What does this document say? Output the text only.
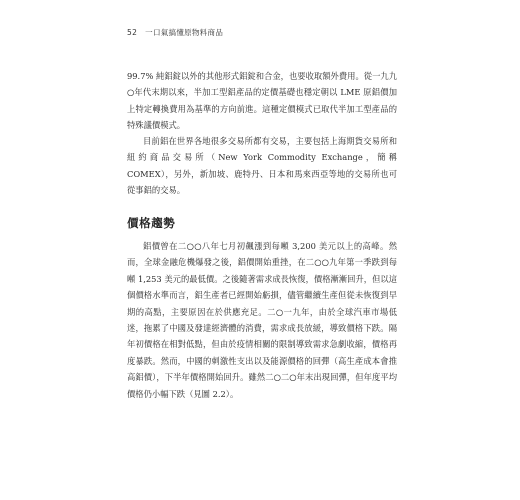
52 一口氣搞懂原物料商品

99.7% 純鋁錠以外的其他形式鋁錠和合金，也要收取額外費用。從一九九○年代末期以來，半加工型鋁產品的定價基礎也穩定朝以 LME 原鋁價加上特定轉換費用為基準的方向前進。這種定價模式已取代半加工型產品的特殊議價模式。

目前鋁在世界各地很多交易所都有交易，主要包括上海期貨交易所和紐約商品交易所（New York Commodity Exchange，簡稱 COMEX），另外，新加坡、鹿特丹、日本和馬來西亞等地的交易所也可從事鋁的交易。

價格趨勢

鋁價曾在二○○八年七月初飆漲到每噸 3,200 美元以上的高峰。然而，全球金融危機爆發之後，鋁價開始重挫，在二○○九年第一季跌到每噸 1,253 美元的最低價。之後隨著需求成長恢復，價格漸漸回升，但以這個價格水準而言，鋁生產者已經開始虧損，儘管繼續生產但從未恢復到早期的高點，主要原因在於供應充足。二○一九年，由於全球汽車市場低迷，拖累了中國及發達經濟體的消費，需求成長放緩，導致價格下跌。隔年初價格在相對低點，但由於疫情相關的限制導致需求急劇收縮，價格再度暴跌。然而，中國的刺激性支出以及能源價格的回彈（高生產成本會推高鋁價），下半年價格開始回升。雖然二○二○年末出現回彈，但年度平均價格仍小幅下跌（見圖 2.2）。
